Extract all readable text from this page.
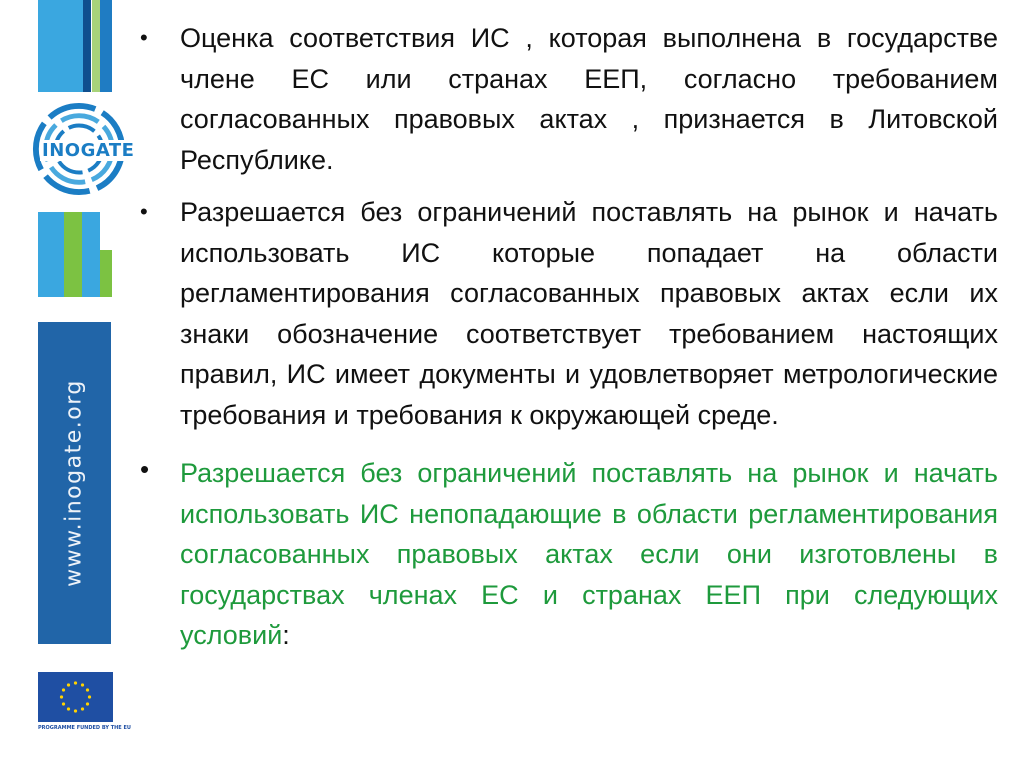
INOGATE
www.inogate.org
PROGRAMME FUNDED BY THE EU

• Оценка соответствия ИС , которая выполнена в государстве члене ЕС или странах ЕЕП, согласно требованием согласованных правовых актах , признается в Литовской Республике.

• Разрешается без ограничений поставлять на рынок и начать использовать ИС которые попадает на области регламентирования согласованных правовых актах если их знаки обозначение соответствует требованием настоящих правил, ИС имеет документы и удовлетворяет метрологические требования и требования к окружающей среде.

• Разрешается без ограничений поставлять на рынок и начать использовать ИС непопадающие в области регламентирования согласованных правовых актах если они изготовлены в государствах членах ЕС и странах ЕЕП при следующих условий:
